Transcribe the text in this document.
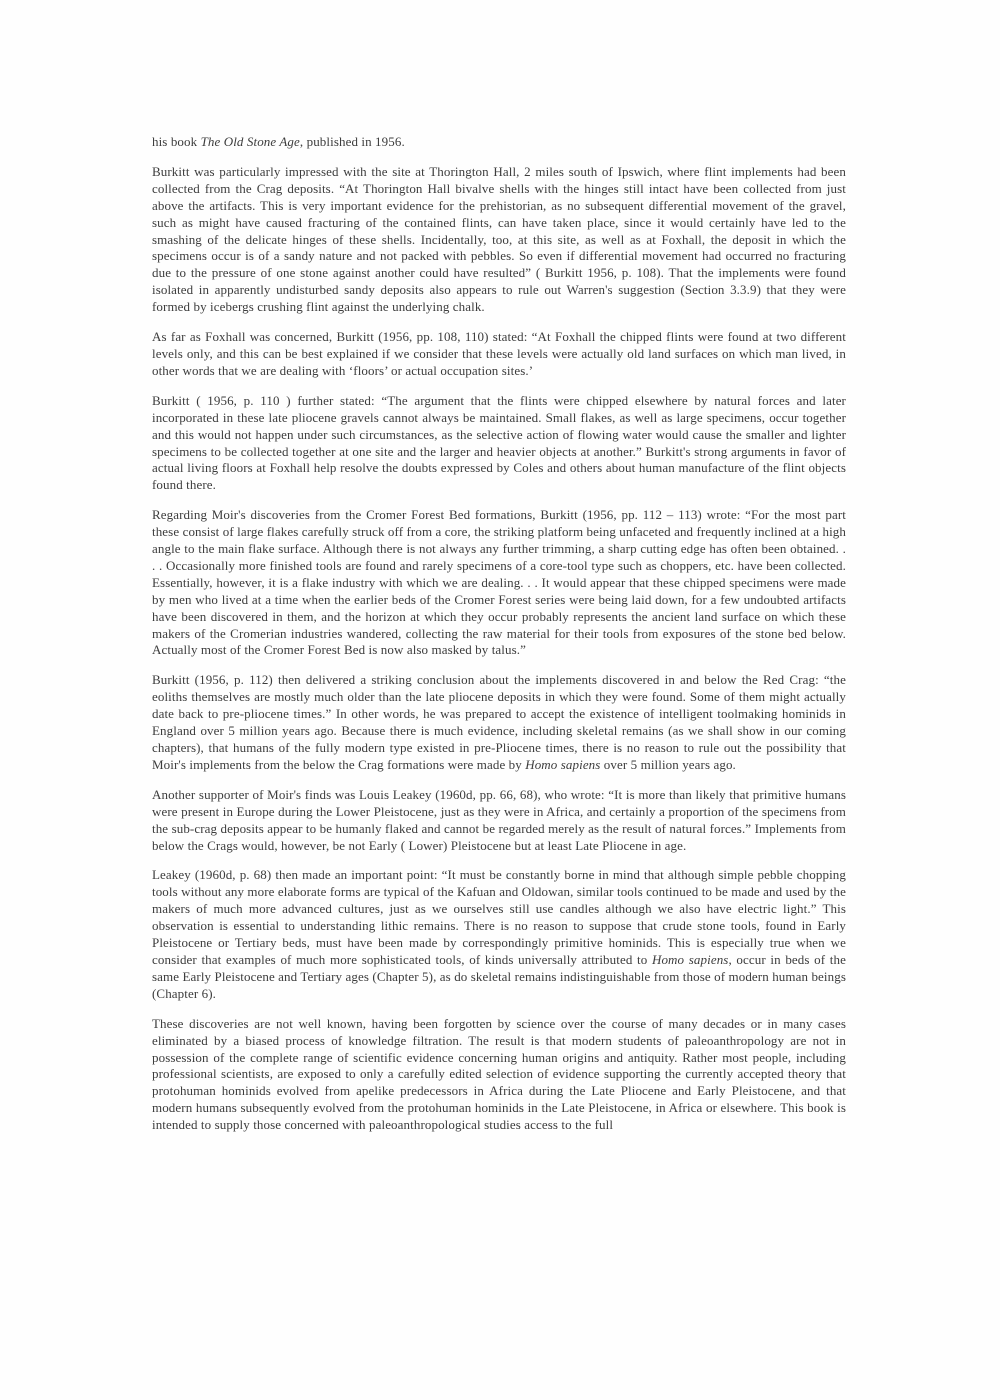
his book The Old Stone Age, published in 1956.

Burkitt was particularly impressed with the site at Thorington Hall, 2 miles south of Ipswich, where flint implements had been collected from the Crag deposits. “At Thorington Hall bivalve shells with the hinges still intact have been collected from just above the artifacts. This is very important evidence for the prehistorian, as no subsequent differential movement of the gravel, such as might have caused fracturing of the contained flints, can have taken place, since it would certainly have led to the smashing of the delicate hinges of these shells. Incidentally, too, at this site, as well as at Foxhall, the deposit in which the specimens occur is of a sandy nature and not packed with pebbles. So even if differential movement had occurred no fracturing due to the pressure of one stone against another could have resulted” ( Burkitt 1956, p. 108). That the implements were found isolated in apparently undisturbed sandy deposits also appears to rule out Warren's suggestion (Section 3.3.9) that they were formed by icebergs crushing flint against the underlying chalk.

As far as Foxhall was concerned, Burkitt (1956, pp. 108, 110) stated: “At Foxhall the chipped flints were found at two different levels only, and this can be best explained if we consider that these levels were actually old land surfaces on which man lived, in other words that we are dealing with ‘floors’ or actual occupation sites.’

Burkitt ( 1956, p. 110 ) further stated: “The argument that the flints were chipped elsewhere by natural forces and later incorporated in these late pliocene gravels cannot always be maintained. Small flakes, as well as large specimens, occur together and this would not happen under such circumstances, as the selective action of flowing water would cause the smaller and lighter specimens to be collected together at one site and the larger and heavier objects at another.” Burkitt's strong arguments in favor of actual living floors at Foxhall help resolve the doubts expressed by Coles and others about human manufacture of the flint objects found there.

Regarding Moir's discoveries from the Cromer Forest Bed formations, Burkitt (1956, pp. 112 – 113) wrote: “For the most part these consist of large flakes carefully struck off from a core, the striking platform being unfaceted and frequently inclined at a high angle to the main flake surface. Although there is not always any further trimming, a sharp cutting edge has often been obtained. . . . Occasionally more finished tools are found and rarely specimens of a core-tool type such as choppers, etc. have been collected. Essentially, however, it is a flake industry with which we are dealing. . . It would appear that these chipped specimens were made by men who lived at a time when the earlier beds of the Cromer Forest series were being laid down, for a few undoubted artifacts have been discovered in them, and the horizon at which they occur probably represents the ancient land surface on which these makers of the Cromerian industries wandered, collecting the raw material for their tools from exposures of the stone bed below. Actually most of the Cromer Forest Bed is now also masked by talus.”

Burkitt (1956, p. 112) then delivered a striking conclusion about the implements discovered in and below the Red Crag: “the eoliths themselves are mostly much older than the late pliocene deposits in which they were found. Some of them might actually date back to pre-pliocene times.” In other words, he was prepared to accept the existence of intelligent toolmaking hominids in England over 5 million years ago. Because there is much evidence, including skeletal remains (as we shall show in our coming chapters), that humans of the fully modern type existed in pre-Pliocene times, there is no reason to rule out the possibility that Moir's implements from the below the Crag formations were made by Homo sapiens over 5 million years ago.

Another supporter of Moir's finds was Louis Leakey (1960d, pp. 66, 68), who wrote: “It is more than likely that primitive humans were present in Europe during the Lower Pleistocene, just as they were in Africa, and certainly a proportion of the specimens from the sub-crag deposits appear to be humanly flaked and cannot be regarded merely as the result of natural forces.” Implements from below the Crags would, however, be not Early ( Lower) Pleistocene but at least Late Pliocene in age.

Leakey (1960d, p. 68) then made an important point: “It must be constantly borne in mind that although simple pebble chopping tools without any more elaborate forms are typical of the Kafuan and Oldowan, similar tools continued to be made and used by the makers of much more advanced cultures, just as we ourselves still use candles although we also have electric light.” This observation is essential to understanding lithic remains. There is no reason to suppose that crude stone tools, found in Early Pleistocene or Tertiary beds, must have been made by correspondingly primitive hominids. This is especially true when we consider that examples of much more sophisticated tools, of kinds universally attributed to Homo sapiens, occur in beds of the same Early Pleistocene and Tertiary ages (Chapter 5), as do skeletal remains indistinguishable from those of modern human beings (Chapter 6).

These discoveries are not well known, having been forgotten by science over the course of many decades or in many cases eliminated by a biased process of knowledge filtration. The result is that modern students of paleoanthropology are not in possession of the complete range of scientific evidence concerning human origins and antiquity. Rather most people, including professional scientists, are exposed to only a carefully edited selection of evidence supporting the currently accepted theory that protohuman hominids evolved from apelike predecessors in Africa during the Late Pliocene and Early Pleistocene, and that modern humans subsequently evolved from the protohuman hominids in the Late Pleistocene, in Africa or elsewhere. This book is intended to supply those concerned with paleoanthropological studies access to the full
